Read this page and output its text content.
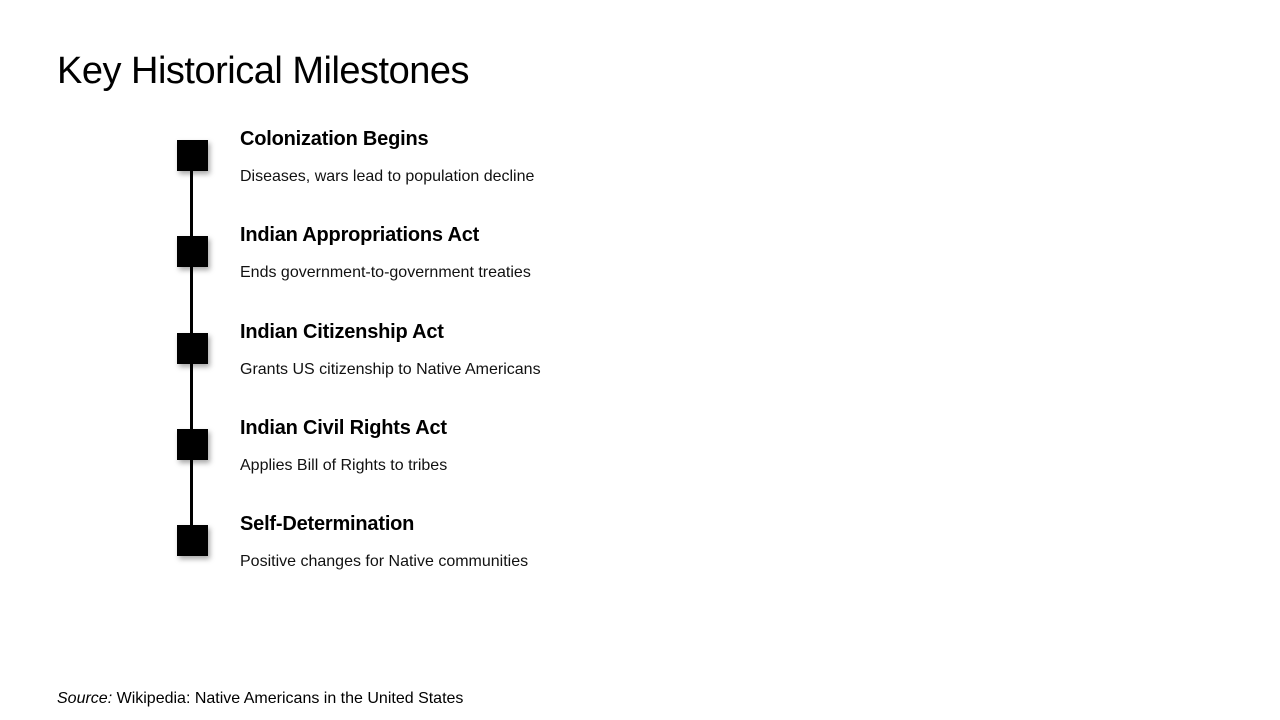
Key Historical Milestones
Colonization Begins
Diseases, wars lead to population decline
Indian Appropriations Act
Ends government-to-government treaties
Indian Citizenship Act
Grants US citizenship to Native Americans
Indian Civil Rights Act
Applies Bill of Rights to tribes
Self-Determination
Positive changes for Native communities
Source: Wikipedia: Native Americans in the United States
